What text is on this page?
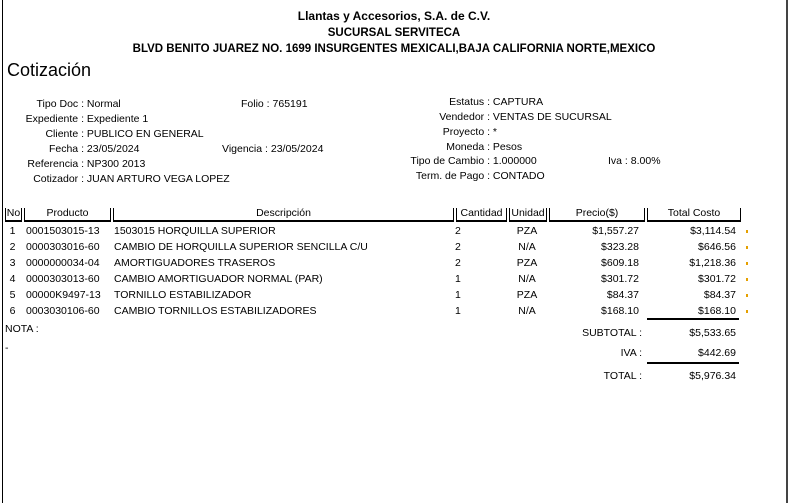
Llantas y Accesorios, S.A. de C.V.
SUCURSAL SERVITECA
BLVD BENITO JUAREZ NO. 1699 INSURGENTES MEXICALI,BAJA CALIFORNIA NORTE,MEXICO
Cotización
Tipo Doc : Normal
Expediente : Expediente 1
Cliente : PUBLICO EN GENERAL
Fecha : 23/05/2024
Referencia : NP300 2013
Cotizador : JUAN ARTURO VEGA LOPEZ
Folio : 765191
Vigencia : 23/05/2024
Estatus : CAPTURA
Vendedor : VENTAS DE SUCURSAL
Proyecto : *
Moneda : Pesos
Tipo de Cambio : 1.000000	Iva : 8.00%
Term. de Pago : CONTADO
No	Producto	Descripción	Cantidad Unidad	Precio($)	Total Costo
1	0001503015-13	1503015 HORQUILLA SUPERIOR	2	PZA	$1,557.27	$3,114.54
2	0000303016-60	CAMBIO DE HORQUILLA SUPERIOR SENCILLA C/U	2	N/A	$323.28	$646.56
3	0000000034-04	AMORTIGUADORES TRASEROS	2	PZA	$609.18	$1,218.36
4	0000303013-60	CAMBIO AMORTIGUADOR NORMAL (PAR)	1	N/A	$301.72	$301.72
5	00000K9497-13	TORNILLO ESTABILIZADOR	1	PZA	$84.37	$84.37
6	0003030106-60	CAMBIO TORNILLOS ESTABILIZADORES	1	N/A	$168.10	$168.10
NOTA :
-
SUBTOTAL :	$5,533.65
IVA :	$442.69
TOTAL :	$5,976.34
